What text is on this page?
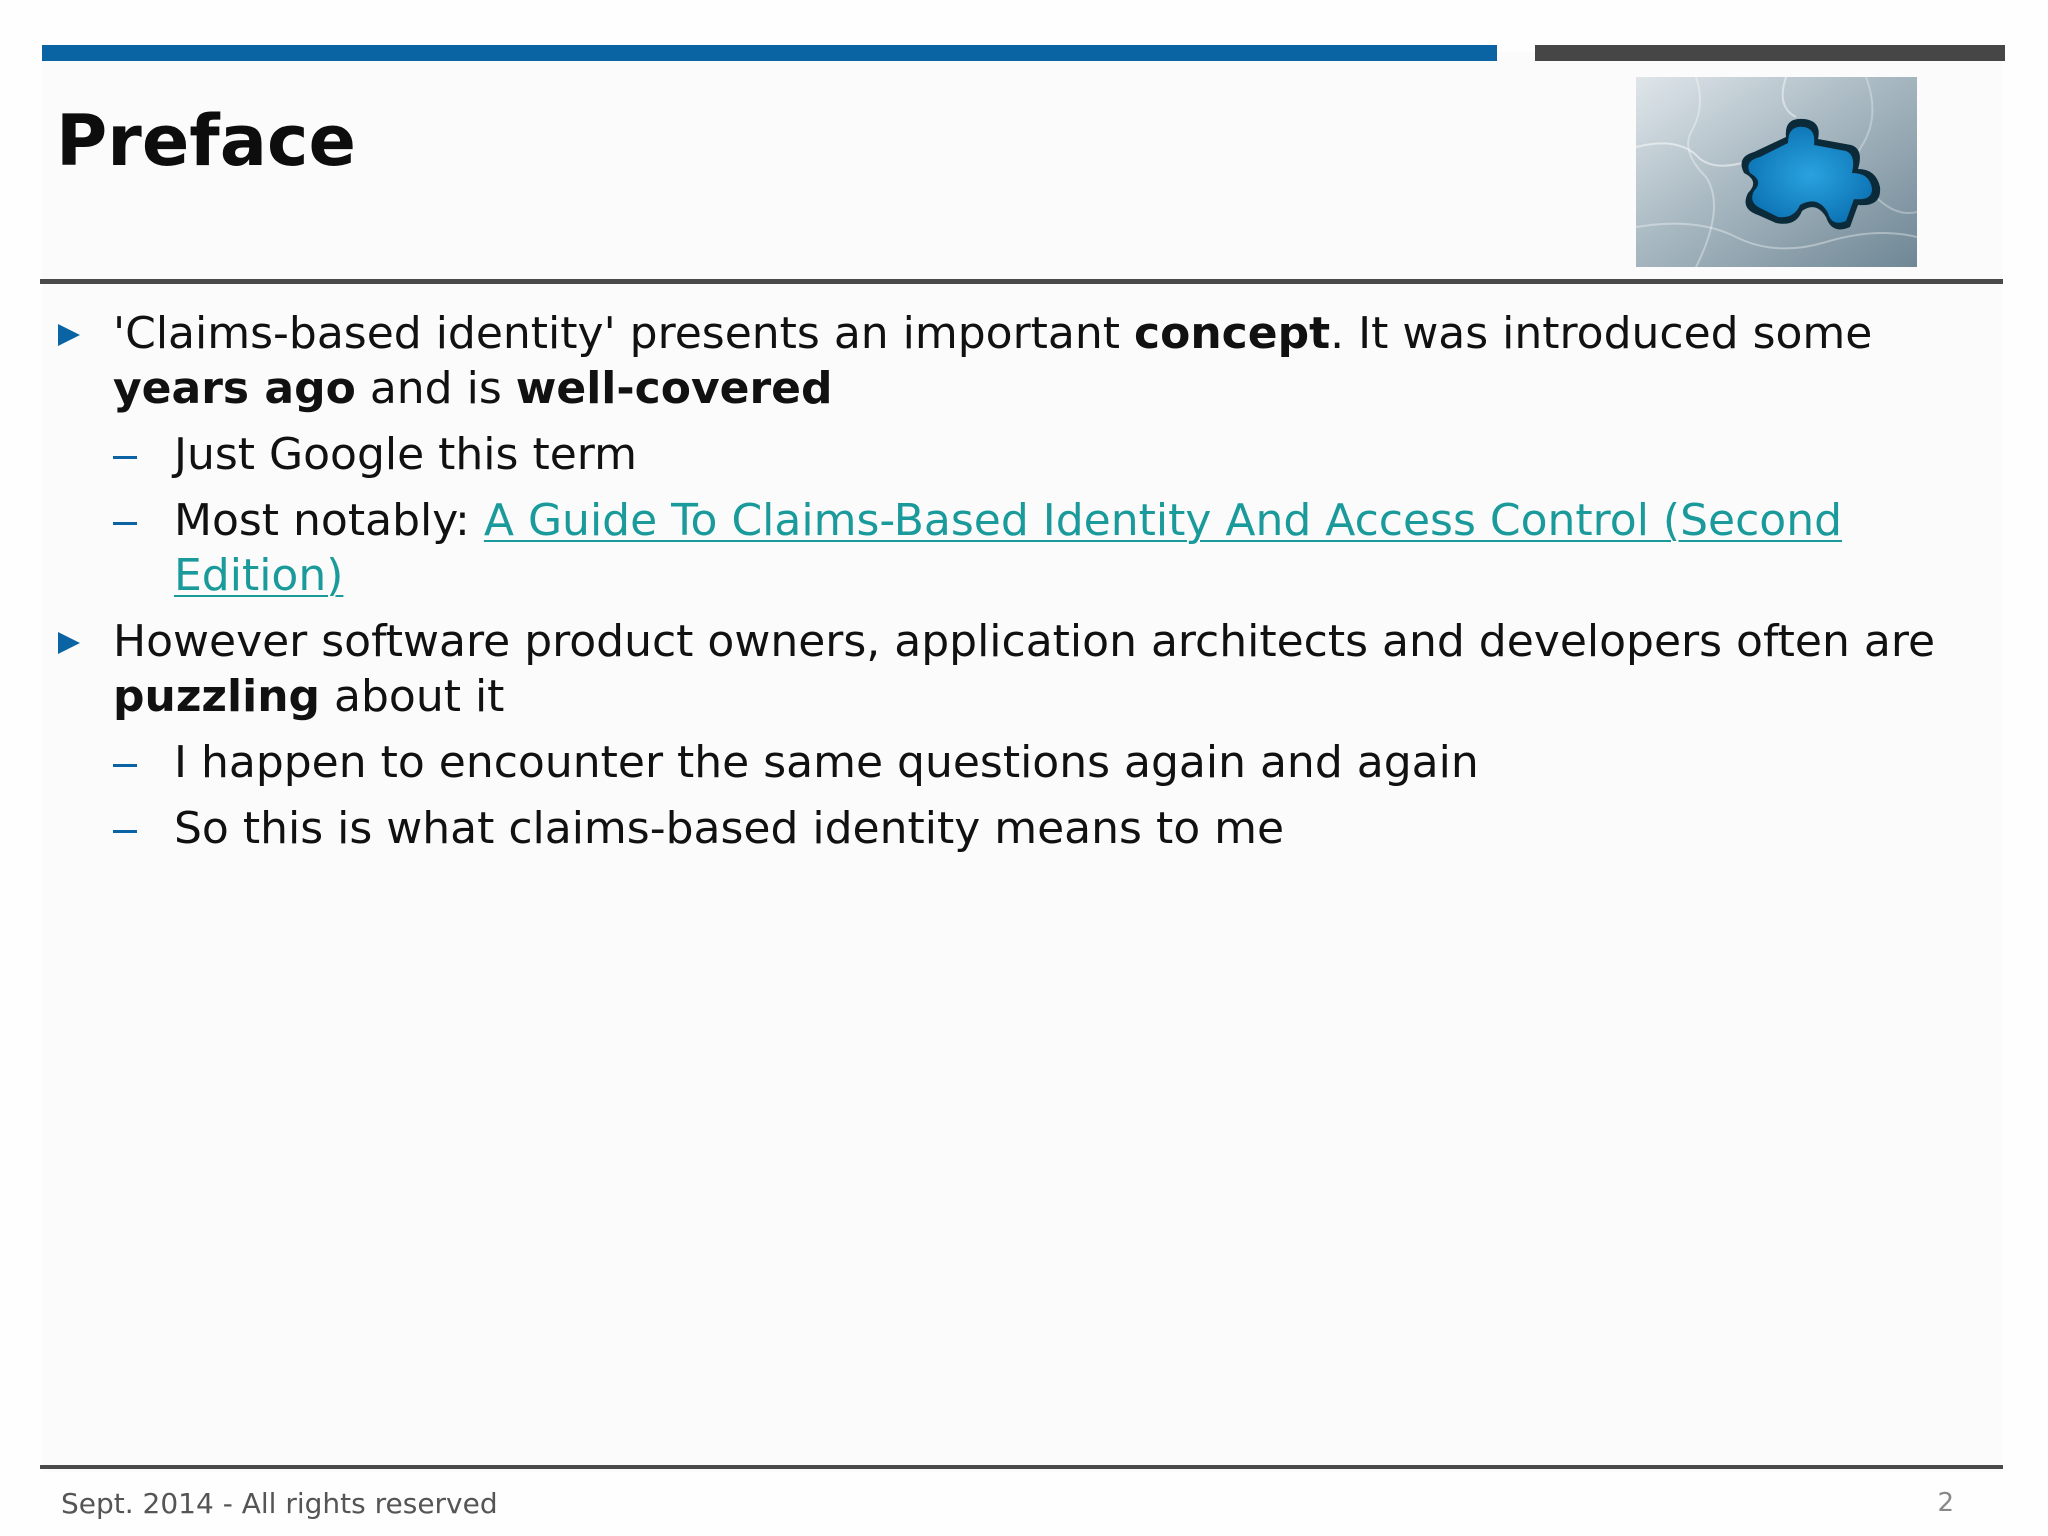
Preface
'Claims-based identity' presents an important concept. It was introduced some years ago and is well-covered
Just Google this term
Most notably: A Guide To Claims-Based Identity And Access Control (Second Edition)
However software product owners, application architects and developers often are puzzling about it
I happen to encounter the same questions again and again
So this is what claims-based identity means to me
Sept. 2014 - All rights reserved	2
